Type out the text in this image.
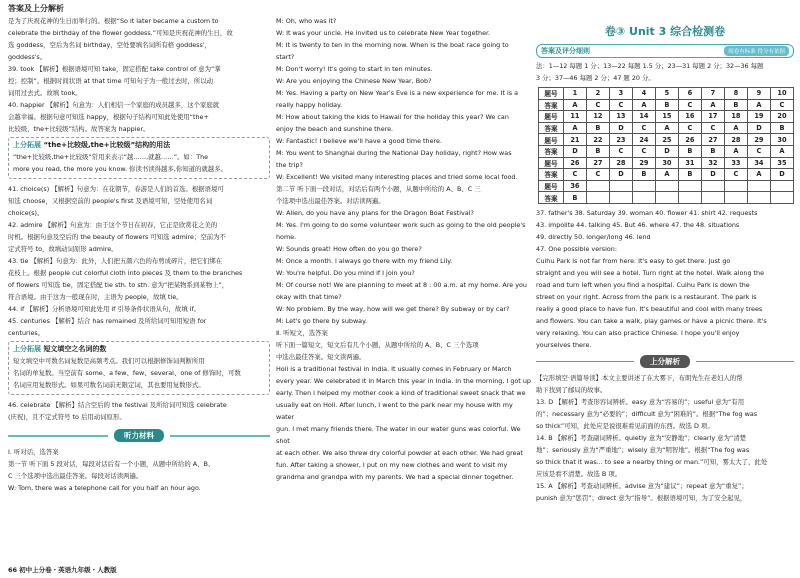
答案及上分解析

是为了庆祝花神的生日而举行的。根据“So it later became a custom to

celebrate the birthday of the flower goddess.”可知是庆祝花神的生日，故

选 goddess，空后为名词 birthday，空处要填名词所有格 goddess'，

goddess's。

39. took 【解析】根据语境可知 take，固定搭配 take control of 意为“掌

控；控制”。根据时间状语 at that time 可知句子为一般过去时，所以动

词用过去式。故填 took。

40. happier 【解析】句意为：人们相信一个家庭的成员越多，这个家庭就

会越幸福。根据句意可知选 happy，根据句子结构可知此处使用“the+

比较级，the+比较级”结构。故答案为 happier。

上分拓展 “the+比较级,the+比较级”结构的用法

“the+比较级,the+比较级”常用来表示“越……,就越……”。如：The

more you read, the more you know. 你读书读得越多,你知道的就越多。

41. choice(s) 【解析】句意为：在花朝节，春游是人们的首选。根据语境可

知选 choose，又根据空前的 people's first 及语境可知，空处使用名词

choice(s)。

42. admire 【解析】句意为：由于这个节日在初春，它正是欣赏花之美的

时机。根据句意及空后的 the beauty of flowers 可知选 admire；空前为不

定式符号 to，故填动词原形 admire。

43. tie 【解析】句意为：此外，人们把五颜六色的布剪成碎片，把它们绑在

花枝上。根据 people cut colorful cloth into pieces 及 them to the branches

of flowers 可知选 tie，固定搭配 tie sth. to sth. 意为“把某物系到某物上”，

符合语境。由于这为一般现在时，主语为 people，故填 tie。

44. if 【解析】分析语境可知此处用 if 引导条件状语从句，故填 if。

45. centuries 【解析】结合 has remained 及所给词可知用短语 for

centuries。

上分拓展 短文填空之名词的数

短文填空中可数名词复数是高频考点。我们可以根据修饰词判断所用

名词的单复数。当空前有 some、a few、few、several、one of 修饰时，可数

名词应用复数形式。如果可数名词前无限定词，其也要用复数形式。

46. celebrate 【解析】结合空后的 the festival 及所给词可知选 celebrate

(庆祝)，且不定式符号 to 后用动词原形。

听力材料

Ⅰ. 听对话，选答案

第一节 听下面 5 段对话，每段对话后有一个小题，从题中所给的 A、B、

C 三个选项中选出最佳答案。每段对话读两遍。

W: Tom, there was a telephone call for you half an hour ago.

66 初中上分卷・英语九年级・人教版

M: Oh, who was it?

W: It was your uncle. He invited us to celebrate New Year together.

M: It is twenty to ten in the morning now. When is the boat race going to

start?

M: Don't worry! It's going to start in ten minutes.

W: Are you enjoying the Chinese New Year, Bob?

M: Yes. Having a party on New Year's Eve is a new experience for me. It is a

really happy holiday.

M: How about taking the kids to Hawaii for the holiday this year? We can

enjoy the beach and sunshine there.

W: Fantastic! I believe we'll have a good time there.

M: You went to Shanghai during the National Day holiday, right? How was

the trip?

W: Excellent! We visited many interesting places and tried some local food.

第二节 听下面一段对话，对话后有两个小题，从题中所给的 A、B、C 三

个选项中选出最佳答案。对话读两遍。

W: Allen, do you have any plans for the Dragon Boat Festival?

M: Yes. I'm going to do some volunteer work such as going to the old people's

home.

W: Sounds great! How often do you go there?

M: Once a month. I always go there with my friend Lily.

W: You're helpful. Do you mind if I join you?

M: Of course not! We are planning to meet at 8 : 00 a.m. at my home. Are you

okay with that time?

W: No problem. By the way, how will we get there? By subway or by car?

M: Let's go there by subway.

Ⅱ. 听短文，选答案

听下面一篇短文，短文后有几个小题，从题中所给的 A、B、C 三个选项

中选出最佳答案。短文读两遍。

Holi is a traditional festival in India. It usually comes in February or March

every year. We celebrated it in March this year in India. In the morning, I got up

early. Then I helped my mother cook a kind of traditional sweet snack that we

usually eat on Holi. After lunch, I went to the park near my house with my water

gun. I met many friends there. The water in our water guns was colorful. We shot

at each other. We also threw dry colorful powder at each other. We had great

fun. After taking a shower, I put on my new clothes and went to visit my

grandma and grandpa with my parents. We had a special dinner together.

卷③ Unit 3 综合检测卷
答案及评分细则	阅卷有标准 得分有依据

法：1—12 每题 1 分；13—22 每题 1.5 分；23—31 每题 2 分；32—36 每题

3 分；37—46 每题 2 分；47 题 20 分。

题号	1	2	3	4	5	6	7	8	9	10
答案	A	C	C	A	B	C	A	B	A	C
题号	11	12	13	14	15	16	17	18	19	20
答案	A	B	D	C	A	C	C	A	D	B
题号	21	22	23	24	25	26	27	28	29	30
答案	D	B	C	C	D	B	B	A	C	A
题号	26	27	28	29	30	31	32	33	34	35
答案	C	C	D	B	A	B	D	C	A	D
题号	36									
答案	B									

37. father's 38. Saturday 39. woman 40. flower 41. shirt 42. requests

43. impolite 44. talking 45. But 46. where 47. the 48. situations

49. directly 50. longer/long 46. lend

47. One possible version:

Cuihu Park is not far from here. It's easy to get there. Just go

straight and you will see a hotel. Turn right at the hotel. Walk along the

road and turn left when you find a hospital. Cuihu Park is down the

street on your right. Across from the park is a restaurant. The park is

really a good place to have fun. It's beautiful and cool with many trees

and flowers. You can take a walk, play games or have a picnic there. It's

very relaxing. You can also practice Chinese. I hope you'll enjoy

yourselves there.

上分解析

【完形填空·语篇导读】本文主要讲述了在大雾下，布朗先生在老妇人的帮

助下找到了邮局的故事。

13. D 【解析】考查形容词辨析。easy 意为“容易的”；useful 意为“有用

的”；necessary 意为“必要的”；difficult 意为“困难的”。根据“The fog was

so thick”可知，此处应是说很难看见前面的东西。故选 D 项。

14. B 【解析】考查副词辨析。quietly 意为“安静地”；clearly 意为“清楚

地”；seriously 意为“严重地”；wisely 意为“明智地”。根据“The fog was

so thick that it was... to see a nearby thing or man.”可知，雾太大了，此处

应该是看不清楚。故选 B 项。

15. A 【解析】考查动词辨析。advise 意为“建议”；repeat 意为“重复”；

punish 意为“惩罚”；direct 意为“指导”。根据语境可知，为了安全起见，
